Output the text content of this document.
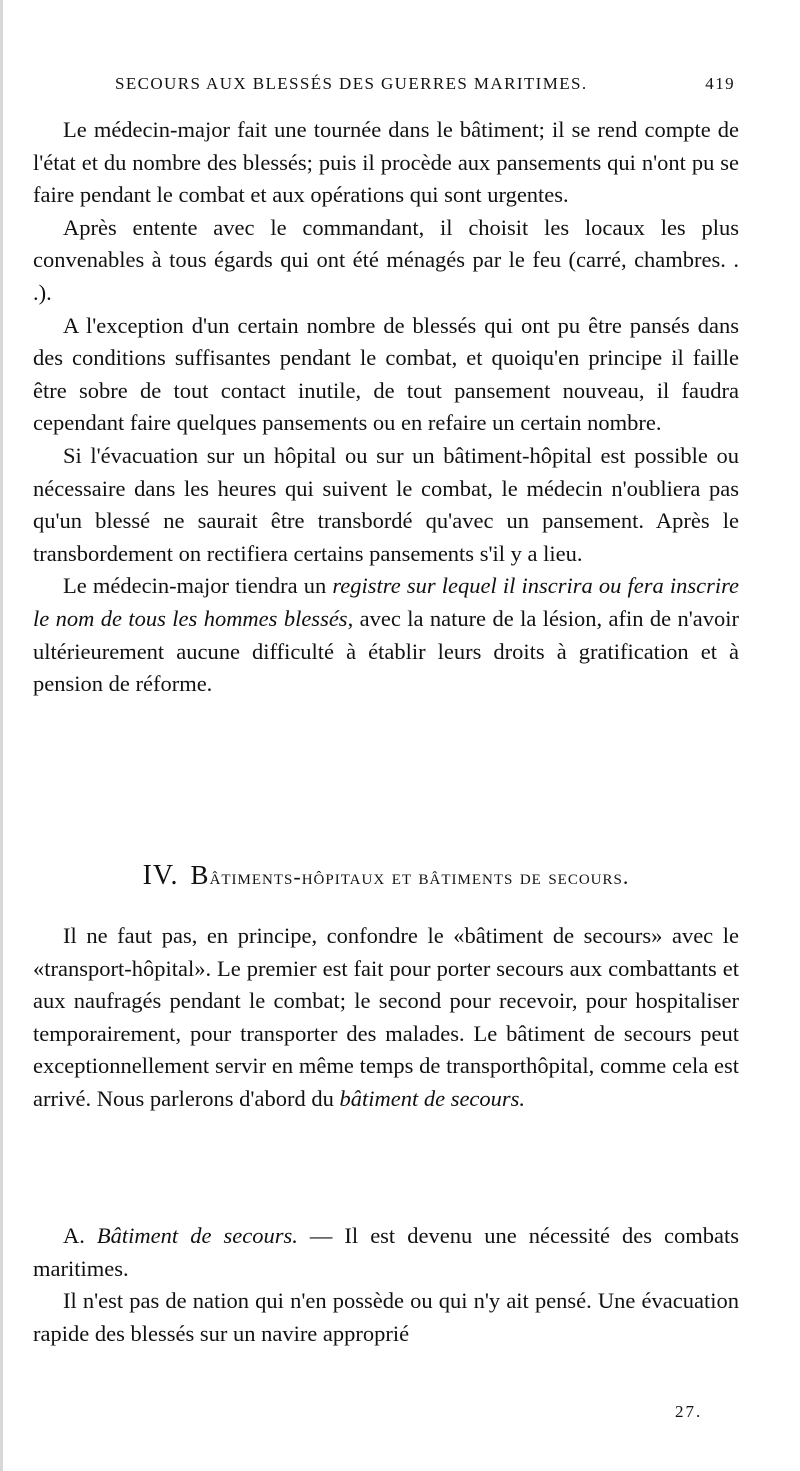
SECOURS AUX BLESSÉS DES GUERRES MARITIMES.	419

Le médecin-major fait une tournée dans le bâtiment; il se rend compte de l'état et du nombre des blessés; puis il procède aux pansements qui n'ont pu se faire pendant le combat et aux opérations qui sont urgentes.

Après entente avec le commandant, il choisit les locaux les plus convenables à tous égards qui ont été ménagés par le feu (carré, chambres. . .).

A l'exception d'un certain nombre de blessés qui ont pu être pansés dans des conditions suffisantes pendant le combat, et quoiqu'en principe il faille être sobre de tout contact inutile, de tout pansement nouveau, il faudra cependant faire quelques pansements ou en refaire un certain nombre.

Si l'évacuation sur un hôpital ou sur un bâtiment-hôpital est possible ou nécessaire dans les heures qui suivent le combat, le médecin n'oubliera pas qu'un blessé ne saurait être transbordé qu'avec un pansement. Après le transbordement on rectifiera certains pansements s'il y a lieu.

Le médecin-major tiendra un registre sur lequel il inscrira ou fera inscrire le nom de tous les hommes blessés, avec la nature de la lésion, afin de n'avoir ultérieurement aucune difficulté à établir leurs droits à gratification et à pension de réforme.

IV. Bâtiments-hôpitaux et bâtiments de secours.

Il ne faut pas, en principe, confondre le «bâtiment de secours» avec le «transport-hôpital». Le premier est fait pour porter secours aux combattants et aux naufragés pendant le combat; le second pour recevoir, pour hospitaliser temporairement, pour transporter des malades. Le bâtiment de secours peut exceptionnellement servir en même temps de transporthôpital, comme cela est arrivé. Nous parlerons d'abord du bâtiment de secours.

A. Bâtiment de secours. — Il est devenu une nécessité des combats maritimes.

Il n'est pas de nation qui n'en possède ou qui n'y ait pensé. Une évacuation rapide des blessés sur un navire approprié

27.
